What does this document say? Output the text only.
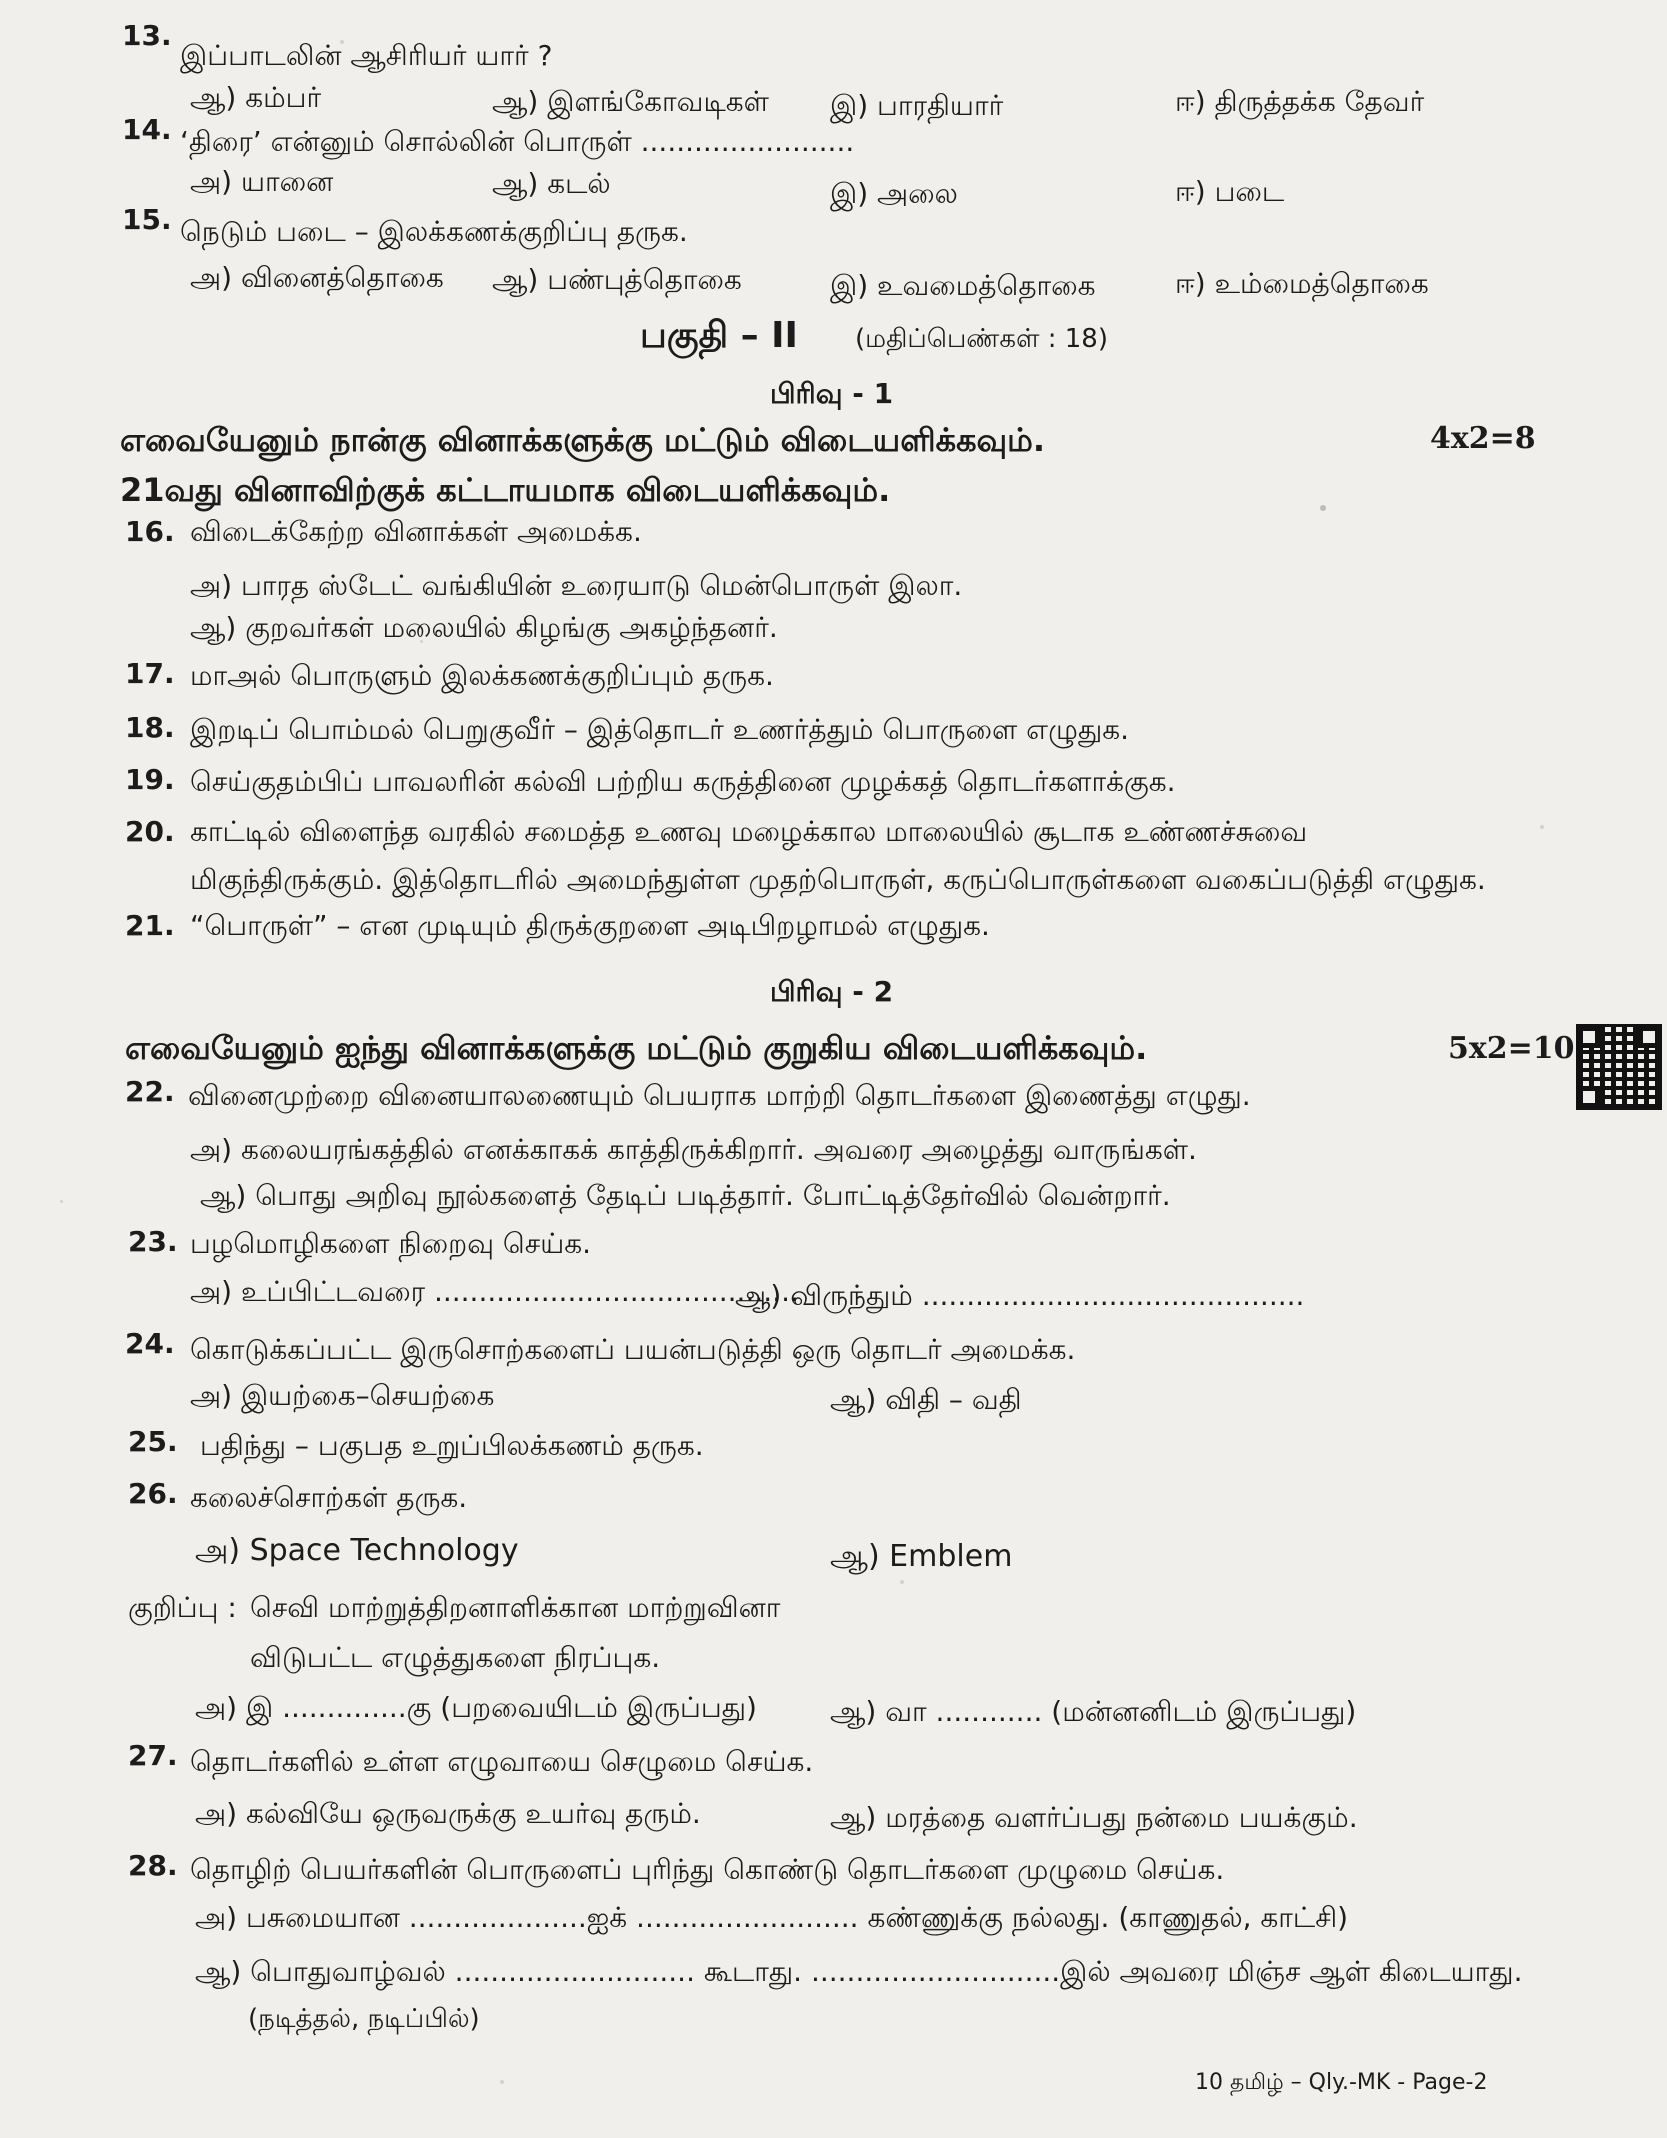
13.
இப்பாடலின் ஆசிரியர் யார் ?
ஆ) கம்பர்	ஆ) இளங்கோவடிகள் இ) பாரதியார்	ஈ) திருத்தக்க தேவர்
14. ‘திரை’ என்னும் சொல்லின் பொருள் ........................
அ) யானை	ஆ) கடல்	இ) அலை	ஈ) படை
15. நெடும் படை – இலக்கணக்குறிப்பு தருக.
அ) வினைத்தொகை ஆ) பண்புத்தொகை	இ) உவமைத்தொகை	ஈ) உம்மைத்தொகை
பகுதி – II (மதிப்பெண்கள் : 18)
பிரிவு - 1
எவையேனும் நான்கு வினாக்களுக்கு மட்டும் விடையளிக்கவும்.	4x2=8
21வது வினாவிற்குக் கட்டாயமாக விடையளிக்கவும்.
16. விடைக்கேற்ற வினாக்கள் அமைக்க.
அ) பாரத ஸ்டேட் வங்கியின் உரையாடு மென்பொருள் இலா.
ஆ) குறவர்கள் மலையில் கிழங்கு அகழ்ந்தனர்.
17. மாஅல் பொருளும் இலக்கணக்குறிப்பும் தருக.
18. இறடிப் பொம்மல் பெறுகுவீர் – இத்தொடர் உணர்த்தும் பொருளை எழுதுக.
19. செய்குதம்பிப் பாவலரின் கல்வி பற்றிய கருத்தினை முழக்கத் தொடர்களாக்குக.
20. காட்டில் விளைந்த வரகில் சமைத்த உணவு மழைக்கால மாலையில் சூடாக உண்ணச்சுவை
மிகுந்திருக்கும். இத்தொடரில் அமைந்துள்ள முதற்பொருள், கருப்பொருள்களை வகைப்படுத்தி எழுதுக.
21. “பொருள்” – என முடியும் திருக்குறளை அடிபிறழாமல் எழுதுக.
பிரிவு - 2
எவையேனும் ஐந்து வினாக்களுக்கு மட்டும் குறுகிய விடையளிக்கவும்.	5x2=10
22. வினைமுற்றை வினையாலணையும் பெயராக மாற்றி தொடர்களை இணைத்து எழுது.
அ) கலையரங்கத்தில் எனக்காகக் காத்திருக்கிறார். அவரை அழைத்து வாருங்கள்.
ஆ) பொது அறிவு நூல்களைத் தேடிப் படித்தார். போட்டித்தேர்வில் வென்றார்.
23. பழமொழிகளை நிறைவு செய்க.
அ) உப்பிட்டவரை .........................................
ஆ) விருந்தும் ...........................................
24. கொடுக்கப்பட்ட இருசொற்களைப் பயன்படுத்தி ஒரு தொடர் அமைக்க.
அ) இயற்கை–செயற்கை	ஆ) விதி – வதி
25. பதிந்து – பகுபத உறுப்பிலக்கணம் தருக.
26. கலைச்சொற்கள் தருக.
அ) Space Technology	ஆ) Emblem
குறிப்பு : செவி மாற்றுத்திறனாளிக்கான மாற்றுவினா
விடுபட்ட எழுத்துகளை நிரப்புக.
அ) இ ..............கு (பறவையிடம் இருப்பது)	ஆ) வா ............ (மன்னனிடம் இருப்பது)
27. தொடர்களில் உள்ள எழுவாயை செழுமை செய்க.
அ) கல்வியே ஒருவருக்கு உயர்வு தரும்.	ஆ) மரத்தை வளர்ப்பது நன்மை பயக்கும்.
28. தொழிற் பெயர்களின் பொருளைப் புரிந்து கொண்டு தொடர்களை முழுமை செய்க.
அ) பசுமையான ....................ஐக் ......................... கண்ணுக்கு நல்லது. (காணுதல், காட்சி)
ஆ) பொதுவாழ்வல் ........................... கூடாது. ............................இல் அவரை மிஞ்ச ஆள் கிடையாது.
(நடித்தல், நடிப்பில்)
10 தமிழ் – Qly.-MK - Page-2
